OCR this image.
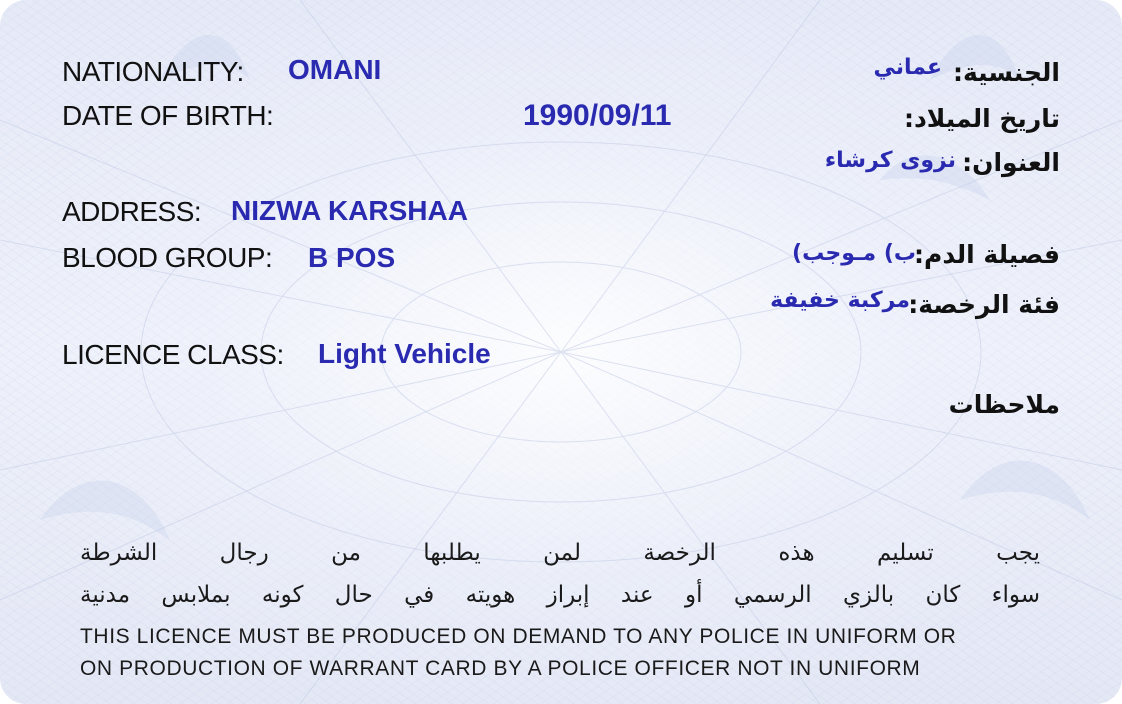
NATIONALITY: OMANI
DATE OF BIRTH:	1990/09/11
ADDRESS: NIZWA KARSHAA
BLOOD GROUP: B POS
LICENCE CLASS: Light Vehicle
الجنسية:
عماني
تاريخ الميلاد:
العنوان:
نزوى كرشاء
فصيلة الدم:
ب) مـوجب)
فئة الرخصة:
مركبة خفيفة
ملاحظات
يجب تسليم هذه الرخصة لمن يطلبها من رجال الشرطة
سواء كان بالزي الرسمي أو عند إبراز هويته في حال كونه بملابس مدنية
THIS LICENCE MUST BE PRODUCED ON DEMAND TO ANY POLICE IN UNIFORM OR
ON PRODUCTION OF WARRANT CARD BY A POLICE OFFICER NOT IN UNIFORM
